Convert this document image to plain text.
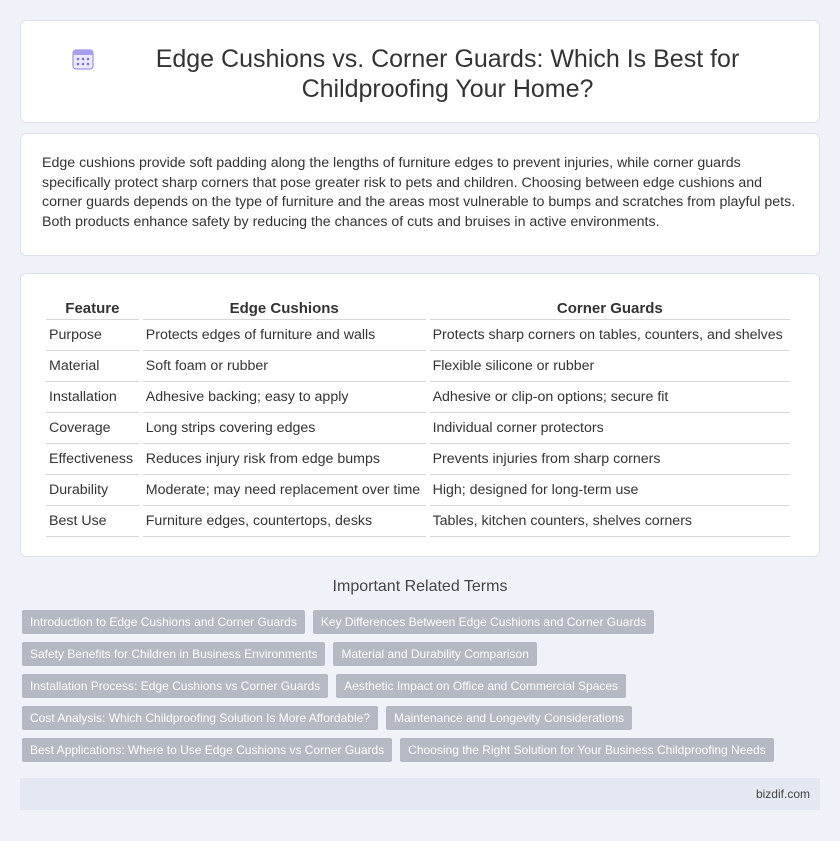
Edge Cushions vs. Corner Guards: Which Is Best for Childproofing Your Home?

Edge cushions provide soft padding along the lengths of furniture edges to prevent injuries, while corner guards specifically protect sharp corners that pose greater risk to pets and children. Choosing between edge cushions and corner guards depends on the type of furniture and the areas most vulnerable to bumps and scratches from playful pets. Both products enhance safety by reducing the chances of cuts and bruises in active environments.

Feature	Edge Cushions	Corner Guards
Purpose	Protects edges of furniture and walls	Protects sharp corners on tables, counters, and shelves
Material	Soft foam or rubber	Flexible silicone or rubber
Installation	Adhesive backing; easy to apply	Adhesive or clip-on options; secure fit
Coverage	Long strips covering edges	Individual corner protectors
Effectiveness	Reduces injury risk from edge bumps	Prevents injuries from sharp corners
Durability	Moderate; may need replacement over time	High; designed for long-term use
Best Use	Furniture edges, countertops, desks	Tables, kitchen counters, shelves corners
Important Related Terms
Introduction to Edge Cushions and Corner Guards	Key Differences Between Edge Cushions and Corner Guards
Safety Benefits for Children in Business Environments	Material and Durability Comparison
Installation Process: Edge Cushions vs Corner Guards	Aesthetic Impact on Office and Commercial Spaces
Cost Analysis: Which Childproofing Solution Is More Affordable?	Maintenance and Longevity Considerations
Best Applications: Where to Use Edge Cushions vs Corner Guards	Choosing the Right Solution for Your Business Childproofing Needs
bizdif.com
